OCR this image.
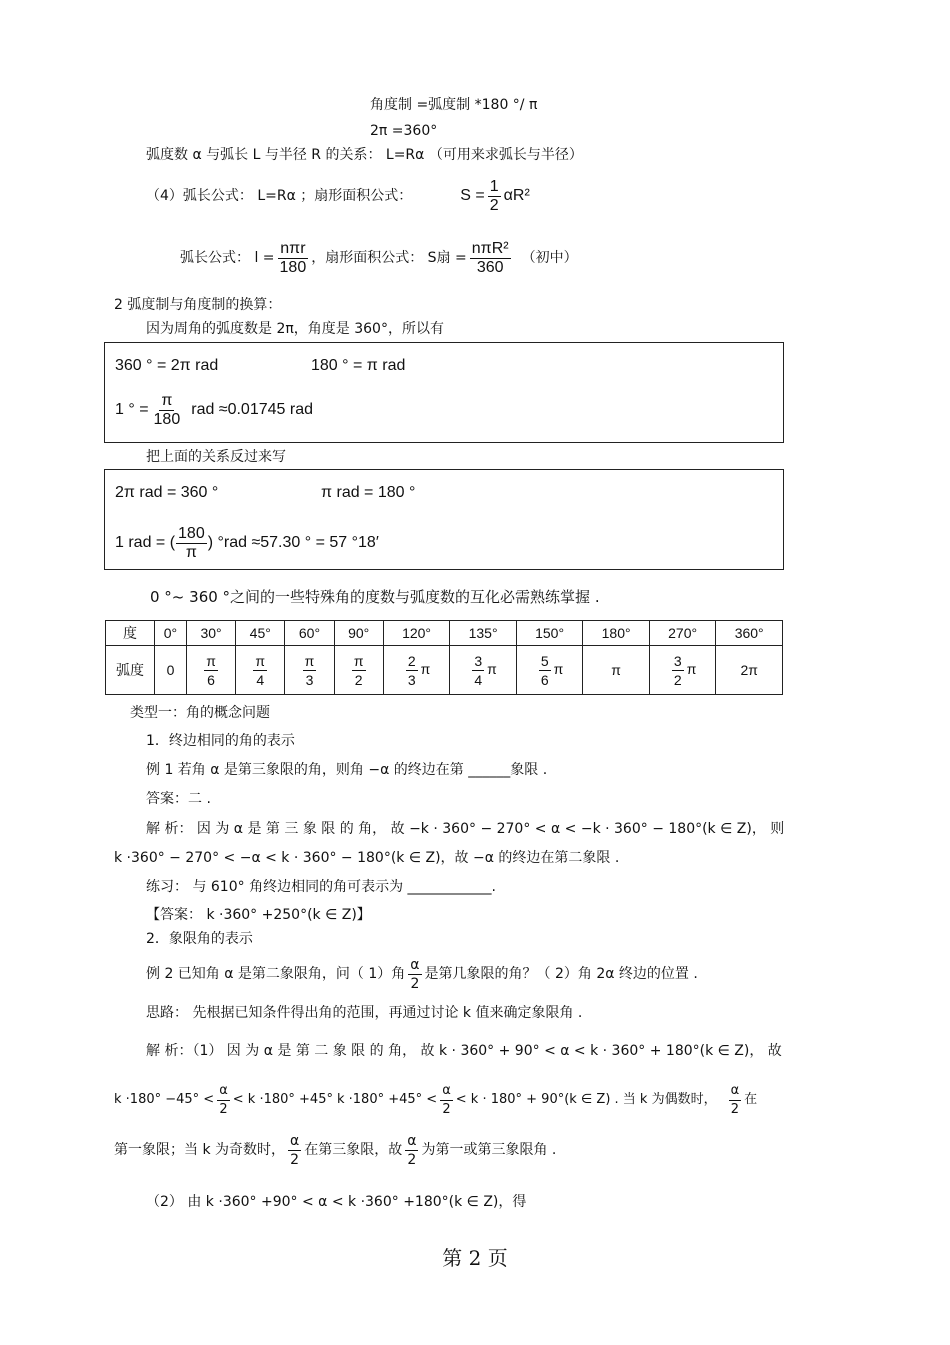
角度制 =弧度制 *180 °/ π
2π =360°
弧度数 α 与弧长 L 与半径 R 的关系： L=Rα （可用来求弧长与半径）
（4）弧长公式： L=Rα ；扇形面积公式：	$S = \frac{1}{2} \alpha R^2$
弧长公式： $l = \frac{\text{nπr}}{180}$ ，扇形面积公式： S扇 = $\frac{\text{nπR²}}{360}$ （初中）
2 弧度制与角度制的换算：
因为周角的弧度数是 2π，角度是 360°，所以有
360 ° = 2π rad	180 ° = π rad
1 ° = $\frac{\pi}{180}$ rad ≈0.01745 rad
把上面的关系反过来写
2π rad = 360 °	π rad = 180 °
1 rad = ( $\frac{180}{\pi}$ ) °rad ≈57.30 ° = 57 °18′
0 °~ 360 °之间的一些特殊角的度数与弧度数的互化必需熟练掌握 .
度	0°	30°	45°	60°	90°	120°	135°	150°	180°	270°	360°
弧度	0	$\frac{\pi}{6}$	$\frac{\pi}{4}$	$\frac{\pi}{3}$	$\frac{\pi}{2}$	$\frac{2}{3}$ π	$\frac{3}{4}$ π	$\frac{5}{6}$ π	π	$\frac{3}{2}$ π	2π
类型一：角的概念问题
1．终边相同的角的表示
例 1 若角 α 是第三象限的角，则角 −α 的终边在第 ______象限 .
答案：二 .
解 析： 因 为 α 是 第 三 象 限 的 角， 故 −k · 360° − 270° < α < −k · 360° − 180°(k ∈ Z)， 则
k ·360° − 270° < −α < k · 360° − 180°(k ∈ Z)，故 −α 的终边在第二象限 .
练习： 与 610° 角终边相同的角可表示为 ____________.
【答案： k ·360° +250°(k ∈ Z)】
2．象限角的表示
例 2 已知角 α 是第二象限角，问（ 1）角 $\frac{\alpha}{2}$ 是第几象限的角？（ 2）角 2α 终边的位置 .
思路： 先根据已知条件得出角的范围，再通过讨论 k 值来确定象限角 .
解 析：（1） 因 为 α 是 第 二 象 限 的 角， 故 k · 360° + 90° < α < k · 360° + 180°(k ∈ Z)， 故
$k \cdot 180^\circ -45^\circ < \frac{\alpha}{2} < k \cdot 180^\circ +45^\circ$ $k \cdot 180^\circ +45^\circ < \frac{\alpha}{2} < k \cdot 180^\circ + 90^\circ(k$ ∈ Z) . 当 k 为偶数时， $\frac{\alpha}{2}$ 在
第一象限；当 k 为奇数时， $\frac{\alpha}{2}$ 在第三象限，故 $\frac{\alpha}{2}$ 为第一或第三象限角 .
（2） 由 k ·360° +90° < α < k ·360° +180°(k ∈ Z)，得
第 2 页
